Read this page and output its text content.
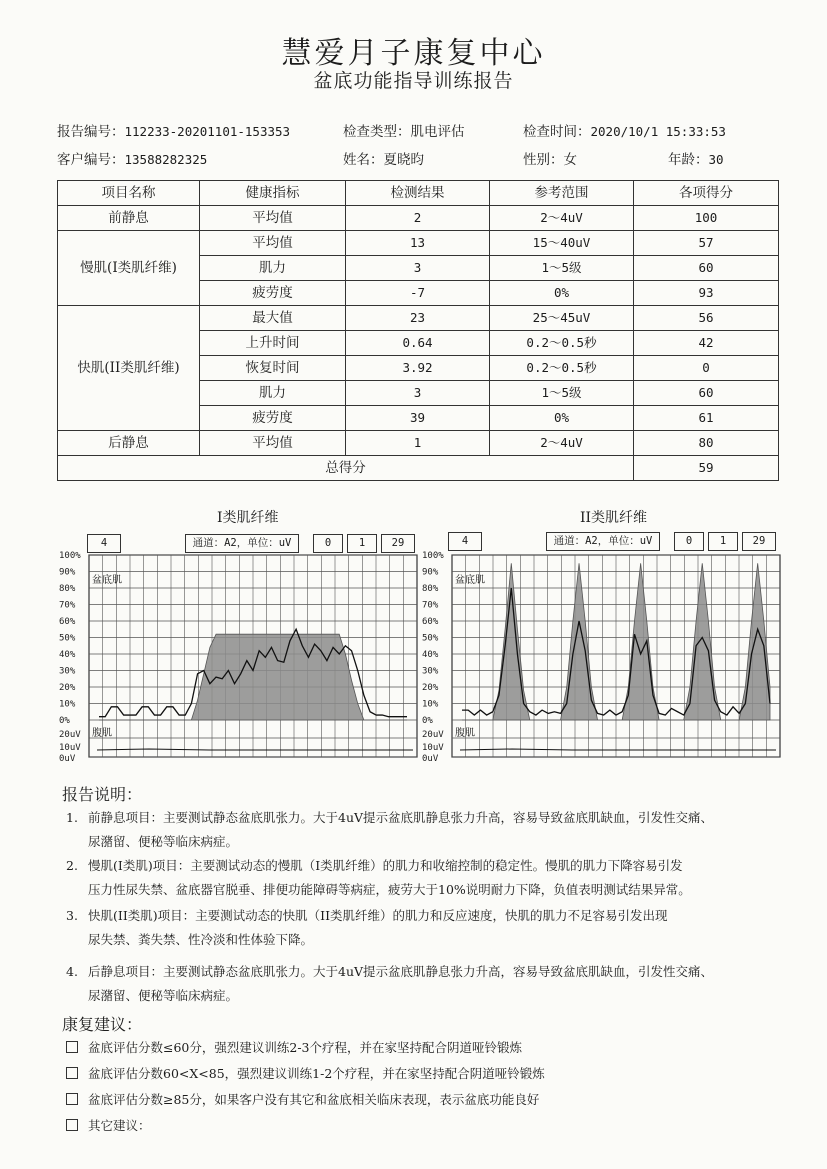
慧爱月子康复中心
盆底功能指导训练报告
报告编号：112233-20201101-153353	检查类型：肌电评估	检查时间：2020/10/1 15:33:53
客户编号：13588282325	姓名：夏晓昀	性别：女	年龄：30
项目名称	健康指标	检测结果	参考范围	各项得分
前静息	平均值	2	2～4uV	100
慢肌(I类肌纤维)	平均值	13	15～40uV	57
	肌力	3	1～5级	60
	疲劳度	-7	0%	93
快肌(II类肌纤维)	最大值	23	25～45uV	56
	上升时间	0.64	0.2～0.5秒	42
	恢复时间	3.92	0.2～0.5秒	0
	肌力	3	1～5级	60
	疲劳度	39	0%	61
后静息	平均值	1	2～4uV	80
总得分				59
I类肌纤维
4	通道：A2，单位：uV	0	1	29
100%
90%
80%
70%
60%
50%
40%
30%
20%
10%
0%
20uV
10uV
0uV
盆底肌
腹肌
II类肌纤维
4	通道：A2，单位：uV	0	1	29
100%
90%
80%
70%
60%
50%
40%
30%
20%
10%
0%
20uV
10uV
0uV
盆底肌
腹肌
报告说明：
1. 前静息项目：主要测试静态盆底肌张力。大于4uV提示盆底肌静息张力升高，容易导致盆底肌缺血，引发性交痛、
尿潴留、便秘等临床病症。
2. 慢肌(I类肌)项目：主要测试动态的慢肌（I类肌纤维）的肌力和收缩控制的稳定性。慢肌的肌力下降容易引发
压力性尿失禁、盆底器官脱垂、排便功能障碍等病症，疲劳大于10%说明耐力下降，负值表明测试结果异常。
3. 快肌(II类肌)项目：主要测试动态的快肌（II类肌纤维）的肌力和反应速度，快肌的肌力不足容易引发出现
尿失禁、粪失禁、性冷淡和性体验下降。
4. 后静息项目：主要测试静态盆底肌张力。大于4uV提示盆底肌静息张力升高，容易导致盆底肌缺血，引发性交痛、
尿潴留、便秘等临床病症。
康复建议：
盆底评估分数≤60分，强烈建议训练2-3个疗程，并在家坚持配合阴道哑铃锻炼
盆底评估分数60<X<85，强烈建议训练1-2个疗程，并在家坚持配合阴道哑铃锻炼
盆底评估分数≥85分，如果客户没有其它和盆底相关临床表现，表示盆底功能良好
其它建议：
